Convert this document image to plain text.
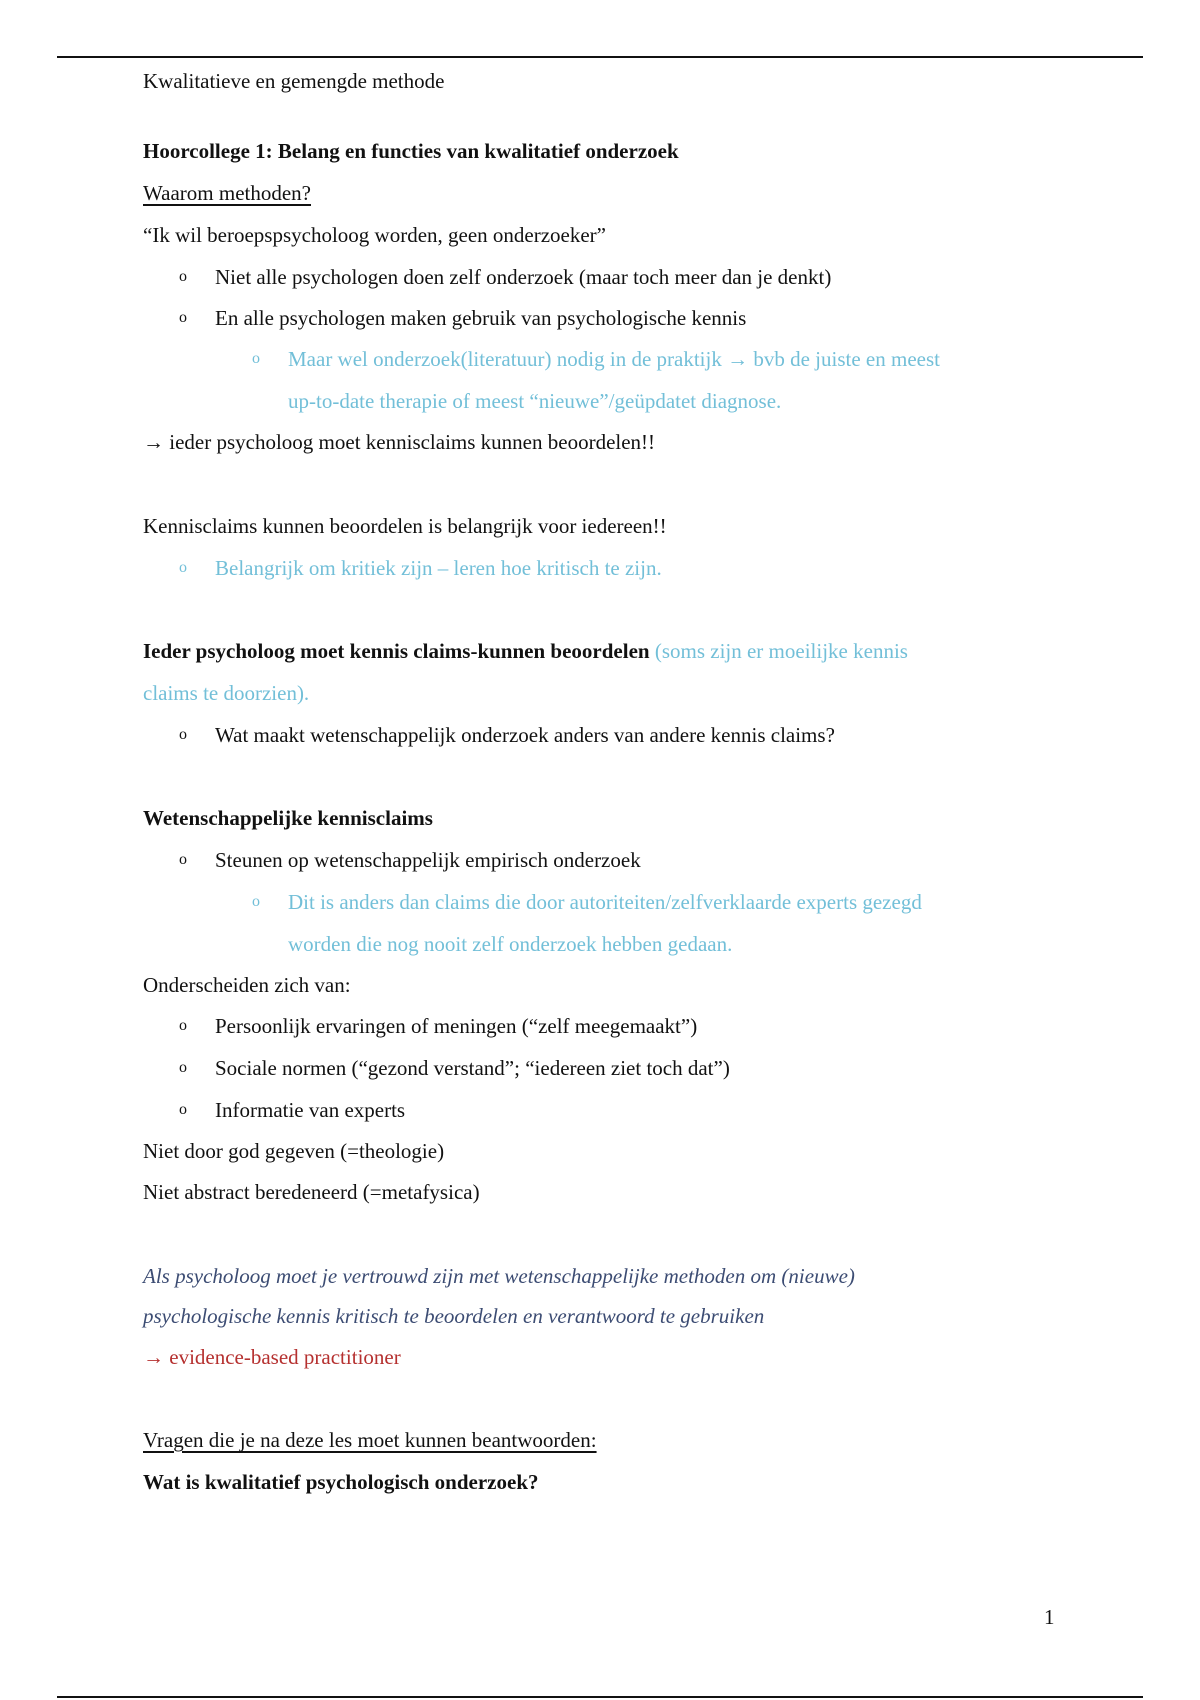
Kwalitatieve en gemengde methode
Hoorcollege 1: Belang en functies van kwalitatief onderzoek
Waarom methoden?
“Ik wil beroepspsycholoog worden, geen onderzoeker”
o Niet alle psychologen doen zelf onderzoek (maar toch meer dan je denkt)
o En alle psychologen maken gebruik van psychologische kennis
o Maar wel onderzoek(literatuur) nodig in de praktijk → bvb de juiste en meest
up-to-date therapie of meest “nieuwe”/geüpdatet diagnose.
→ ieder psycholoog moet kennisclaims kunnen beoordelen!!
Kennisclaims kunnen beoordelen is belangrijk voor iedereen!!
o Belangrijk om kritiek zijn – leren hoe kritisch te zijn.
Ieder psycholoog moet kennis claims-kunnen beoordelen (soms zijn er moeilijke kennis
claims te doorzien).
o Wat maakt wetenschappelijk onderzoek anders van andere kennis claims?
Wetenschappelijke kennisclaims
o Steunen op wetenschappelijk empirisch onderzoek
o Dit is anders dan claims die door autoriteiten/zelfverklaarde experts gezegd
worden die nog nooit zelf onderzoek hebben gedaan.
Onderscheiden zich van:
o Persoonlijk ervaringen of meningen (“zelf meegemaakt”)
o Sociale normen (“gezond verstand”; “iedereen ziet toch dat”)
o Informatie van experts
Niet door god gegeven (=theologie)
Niet abstract beredeneerd (=metafysica)
Als psycholoog moet je vertrouwd zijn met wetenschappelijke methoden om (nieuwe)
psychologische kennis kritisch te beoordelen en verantwoord te gebruiken
→ evidence-based practitioner
Vragen die je na deze les moet kunnen beantwoorden:
Wat is kwalitatief psychologisch onderzoek?
1
